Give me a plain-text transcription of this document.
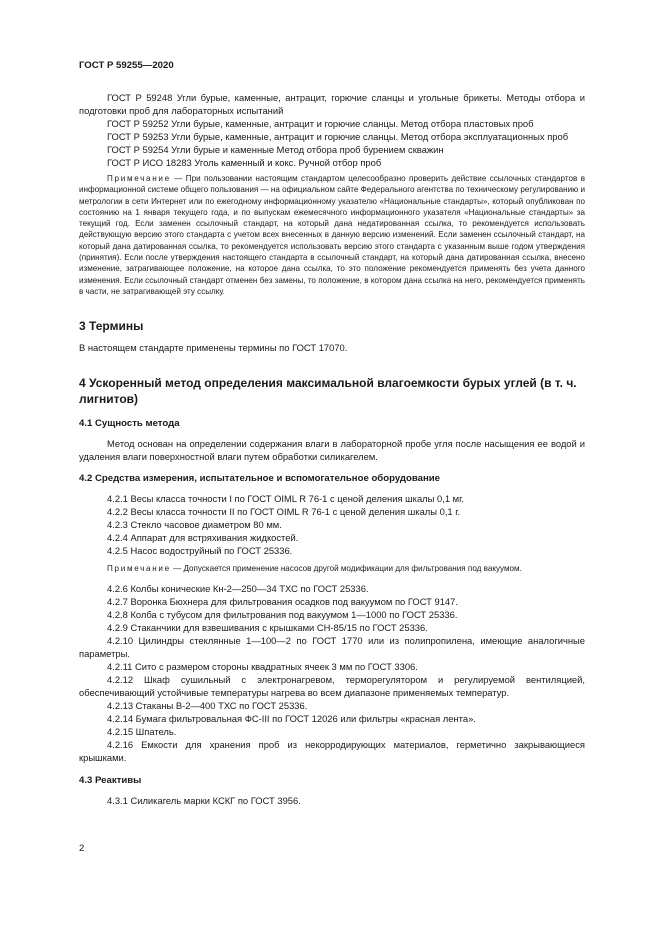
ГОСТ Р 59255—2020

ГОСТ Р 59248 Угли бурые, каменные, антрацит, горючие сланцы и угольные брикеты. Методы отбора и подготовки проб для лабораторных испытаний

ГОСТ Р 59252 Угли бурые, каменные, антрацит и горючие сланцы. Метод отбора пластовых проб

ГОСТ Р 59253 Угли бурые, каменные, антрацит и горючие сланцы. Метод отбора эксплуатационных проб

ГОСТ Р 59254 Угли бурые и каменные Метод отбора проб бурением скважин

ГОСТ Р ИСО 18283 Уголь каменный и кокс. Ручной отбор проб

Примечание — При пользовании настоящим стандартом целесообразно проверить действие ссылочных стандартов в информационной системе общего пользования — на официальном сайте Федерального агентства по техническому регулированию и метрологии в сети Интернет или по ежегодному информационному указателю «Национальные стандарты», который опубликован по состоянию на 1 января текущего года, и по выпускам ежемесячного информационного указателя «Национальные стандарты» за текущий год. Если заменен ссылочный стандарт, на который дана недатированная ссылка, то рекомендуется использовать действующую версию этого стандарта с учетом всех внесенных в данную версию изменений. Если заменен ссылочный стандарт, на который дана датированная ссылка, то рекомендуется использовать версию этого стандарта с указанным выше годом утверждения (принятия). Если после утверждения настоящего стандарта в ссылочный стандарт, на который дана датированная ссылка, внесено изменение, затрагивающее положение, на которое дана ссылка, то это положение рекомендуется применять без учета данного изменения. Если ссылочный стандарт отменен без замены, то положение, в котором дана ссылка на него, рекомендуется применять в части, не затрагивающей эту ссылку.

3 Термины

В настоящем стандарте применены термины по ГОСТ 17070.

4 Ускоренный метод определения максимальной влагоемкости бурых углей (в т. ч. лигнитов)

4.1 Сущность метода

Метод основан на определении содержания влаги в лабораторной пробе угля после насыщения ее водой и удаления влаги поверхностной влаги путем обработки силикагелем.

4.2 Средства измерения, испытательное и вспомогательное оборудование

4.2.1 Весы класса точности I по ГОСТ OIML R 76-1 с ценой деления шкалы 0,1 мг.

4.2.2 Весы класса точности II по ГОСТ OIML R 76-1 с ценой деления шкалы 0,1 г.

4.2.3 Стекло часовое диаметром 80 мм.

4.2.4 Аппарат для встряхивания жидкостей.

4.2.5 Насос водоструйный по ГОСТ 25336.

Примечание — Допускается применение насосов другой модификации для фильтрования под вакуумом.

4.2.6 Колбы конические Кн-2—250—34 ТХС по ГОСТ 25336.

4.2.7 Воронка Бюхнера для фильтрования осадков под вакуумом по ГОСТ 9147.

4.2.8 Колба с тубусом для фильтрования под вакуумом 1—1000 по ГОСТ 25336.

4.2.9 Стаканчики для взвешивания с крышками СН-85/15 по ГОСТ 25336.

4.2.10 Цилиндры стеклянные 1—100—2 по ГОСТ 1770 или из полипропилена, имеющие аналогичные параметры.

4.2.11 Сито с размером стороны квадратных ячеек 3 мм по ГОСТ 3306.

4.2.12 Шкаф сушильный с электронагревом, терморегулятором и регулируемой вентиляцией, обеспечивающий устойчивые температуры нагрева во всем диапазоне применяемых температур.

4.2.13 Стаканы В-2—400 ТХС по ГОСТ 25336.

4.2.14 Бумага фильтровальная ФС-III по ГОСТ 12026 или фильтры «красная лента».

4.2.15 Шпатель.

4.2.16 Емкости для хранения проб из некорродирующих материалов, герметично закрывающиеся крышками.

4.3 Реактивы

4.3.1 Силикагель марки КСКГ по ГОСТ 3956.

2
